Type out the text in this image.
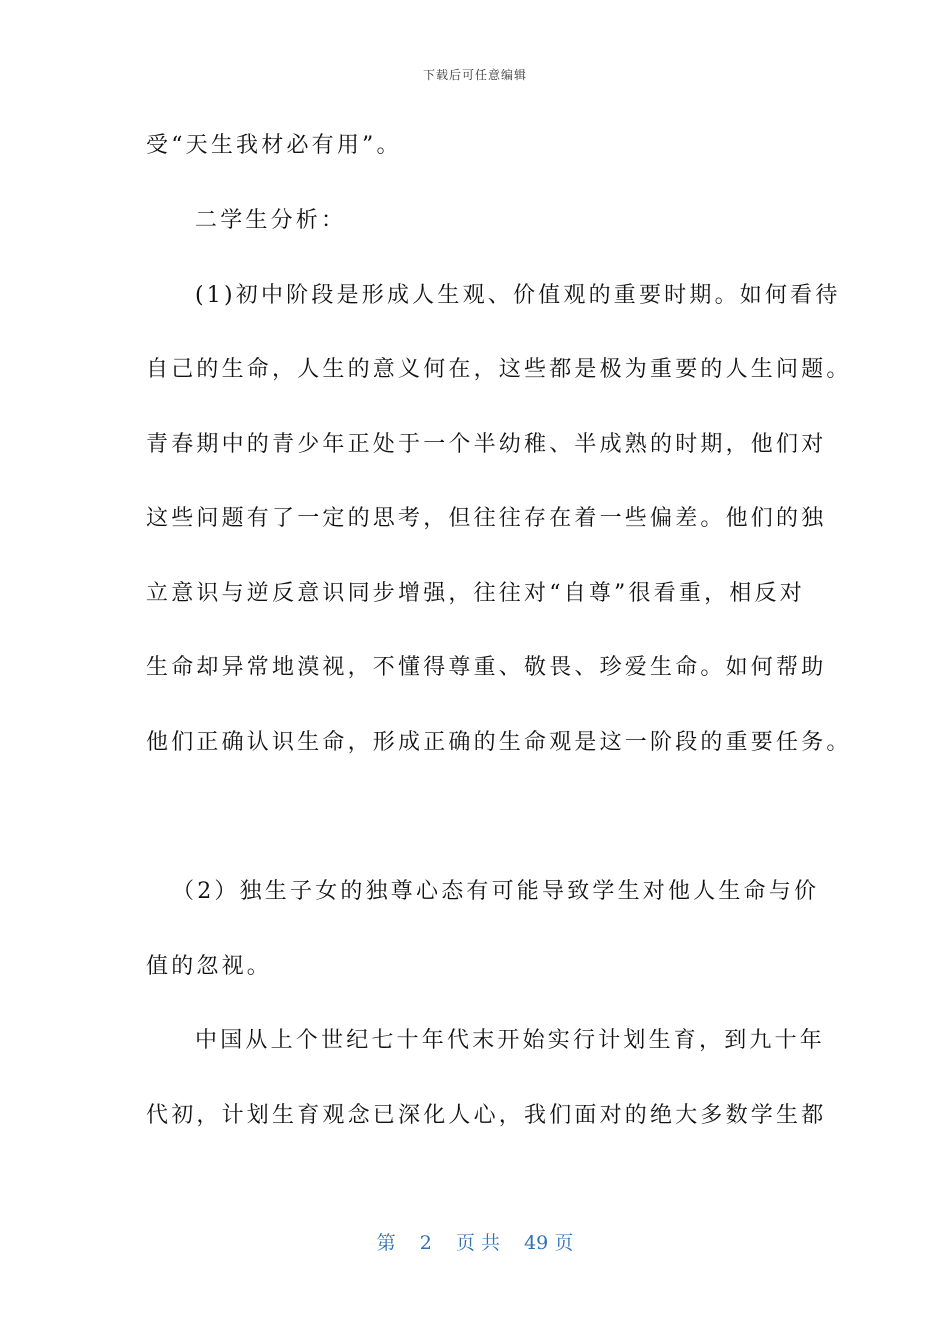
下载后可任意编辑
受“天生我材必有用”。
二学生分析：
(1)初中阶段是形成人生观、价值观的重要时期。如何看待
自己的生命，人生的意义何在，这些都是极为重要的人生问题。
青春期中的青少年正处于一个半幼稚、半成熟的时期，他们对
这些问题有了一定的思考，但往往存在着一些偏差。他们的独
立意识与逆反意识同步增强，往往对“自尊”很看重，相反对
生命却异常地漠视，不懂得尊重、敬畏、珍爱生命。如何帮助
他们正确认识生命，形成正确的生命观是这一阶段的重要任务。
（2）独生子女的独尊心态有可能导致学生对他人生命与价
值的忽视。
中国从上个世纪七十年代末开始实行计划生育，到九十年
代初，计划生育观念已深化人心，我们面对的绝大多数学生都
第 2 页 共 49 页
